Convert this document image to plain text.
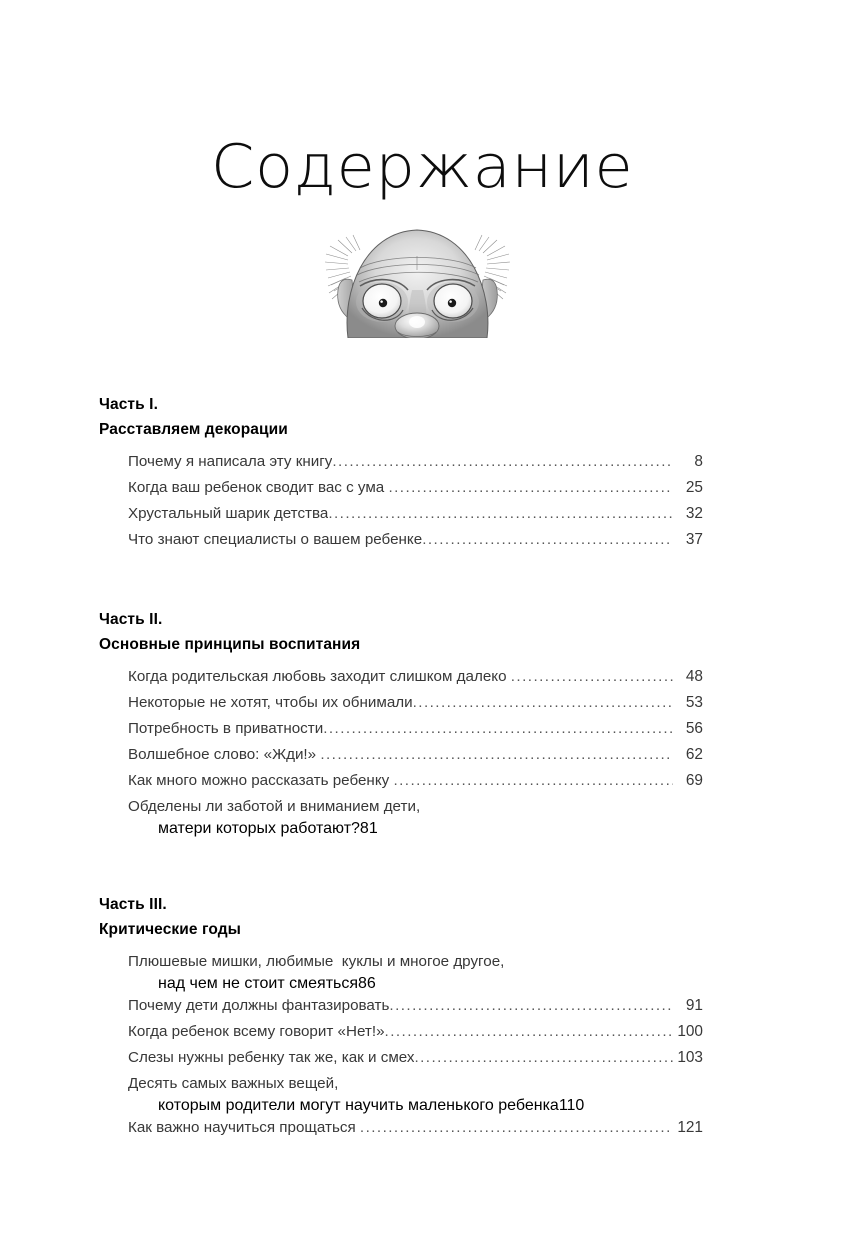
Содержание
Часть I.
Расставляем декорации
Почему я написала эту книгу .....	8
Когда ваш ребенок сводит вас с ума .....	25
Хрустальный шарик детства .....	32
Что знают специалисты о вашем ребенке .....	37
Часть II.
Основные принципы воспитания
Когда родительская любовь заходит слишком далеко .....	48
Некоторые не хотят, чтобы их обнимали .....	53
Потребность в приватности .....	56
Волшебное слово: «Жди!» .....	62
Как много можно рассказать ребенку .....	69
Обделены ли заботой и вниманием дети,
матери которых работают? 81
Часть III.
Критические годы
Плюшевые мишки, любимые  куклы и многое другое,
над чем не стоит смеяться 86
Почему дети должны фантазировать .....	91
Когда ребенок всему говорит «Нет!» .....	100
Слезы нужны ребенку так же, как и смех .....	103
Десять самых важных вещей,
которым родители могут научить маленького ребенка 110
Как важно научиться прощаться .....	121
